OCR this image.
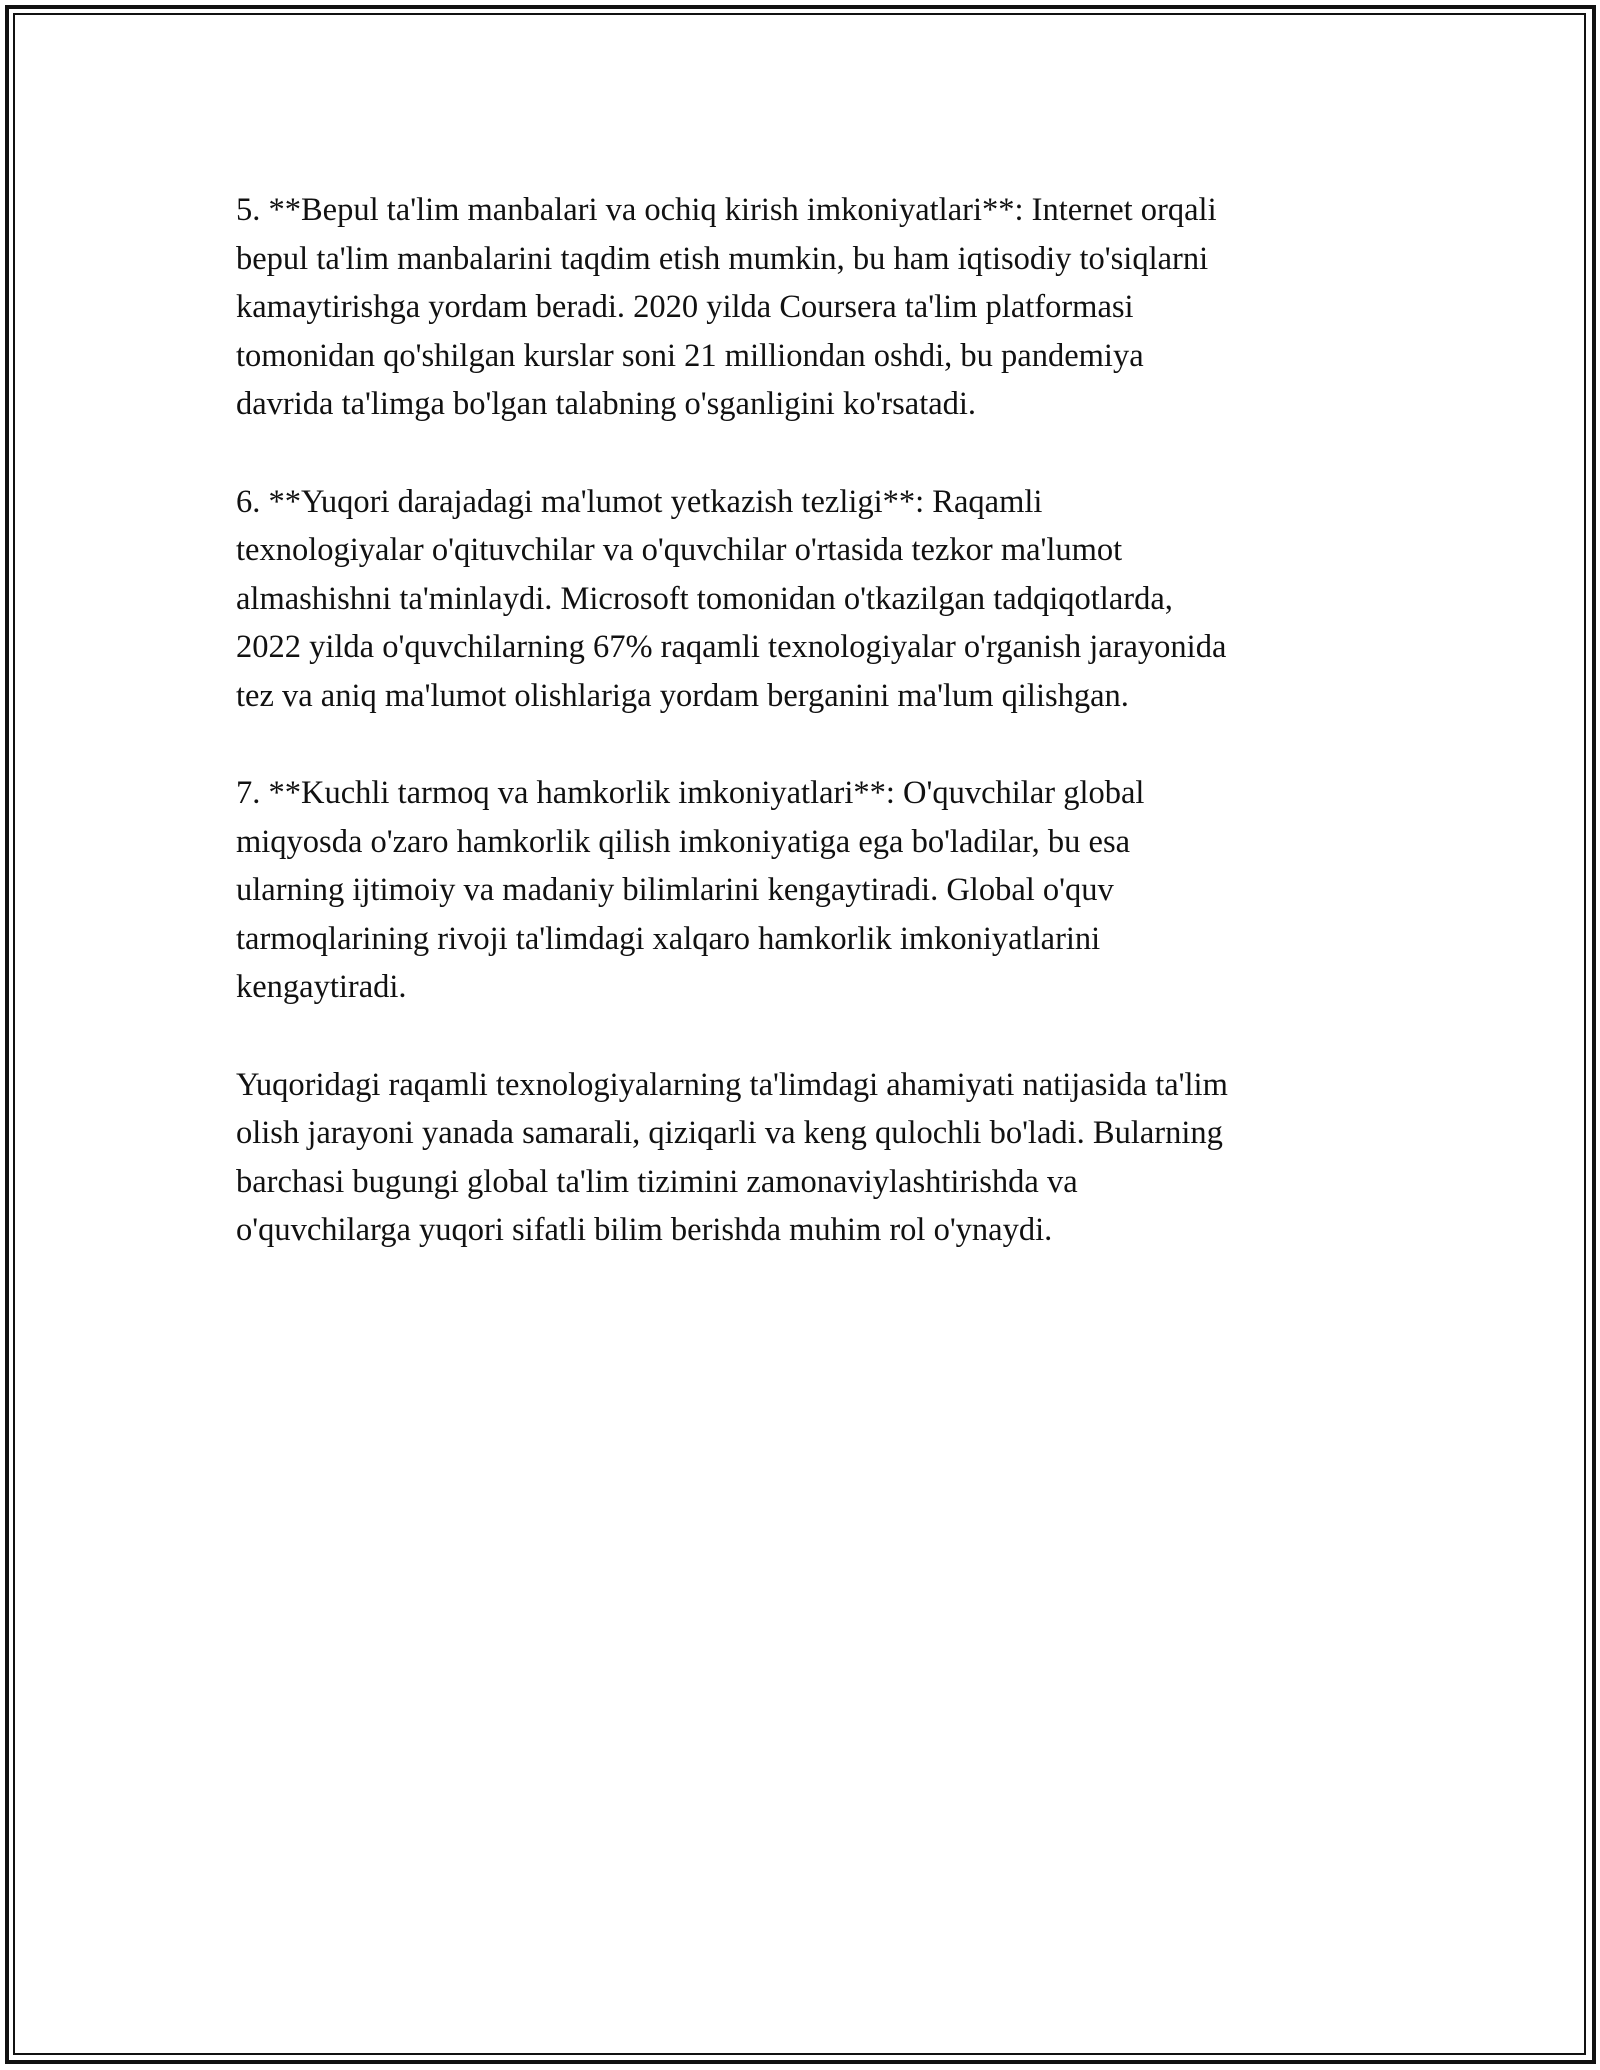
5. **Bepul ta'lim manbalari va ochiq kirish imkoniyatlari**: Internet orqali
bepul ta'lim manbalarini taqdim etish mumkin, bu ham iqtisodiy to'siqlarni
kamaytirishga yordam beradi. 2020 yilda Coursera ta'lim platformasi
tomonidan qo'shilgan kurslar soni 21 milliondan oshdi, bu pandemiya
davrida ta'limga bo'lgan talabning o'sganligini ko'rsatadi.

6. **Yuqori darajadagi ma'lumot yetkazish tezligi**: Raqamli
texnologiyalar o'qituvchilar va o'quvchilar o'rtasida tezkor ma'lumot
almashishni ta'minlaydi. Microsoft tomonidan o'tkazilgan tadqiqotlarda,
2022 yilda o'quvchilarning 67% raqamli texnologiyalar o'rganish jarayonida
tez va aniq ma'lumot olishlariga yordam berganini ma'lum qilishgan.

7. **Kuchli tarmoq va hamkorlik imkoniyatlari**: O'quvchilar global
miqyosda o'zaro hamkorlik qilish imkoniyatiga ega bo'ladilar, bu esa
ularning ijtimoiy va madaniy bilimlarini kengaytiradi. Global o'quv
tarmoqlarining rivoji ta'limdagi xalqaro hamkorlik imkoniyatlarini
kengaytiradi.

Yuqoridagi raqamli texnologiyalarning ta'limdagi ahamiyati natijasida ta'lim
olish jarayoni yanada samarali, qiziqarli va keng qulochli bo'ladi. Bularning
barchasi bugungi global ta'lim tizimini zamonaviylashtirishda va
o'quvchilarga yuqori sifatli bilim berishda muhim rol o'ynaydi.
